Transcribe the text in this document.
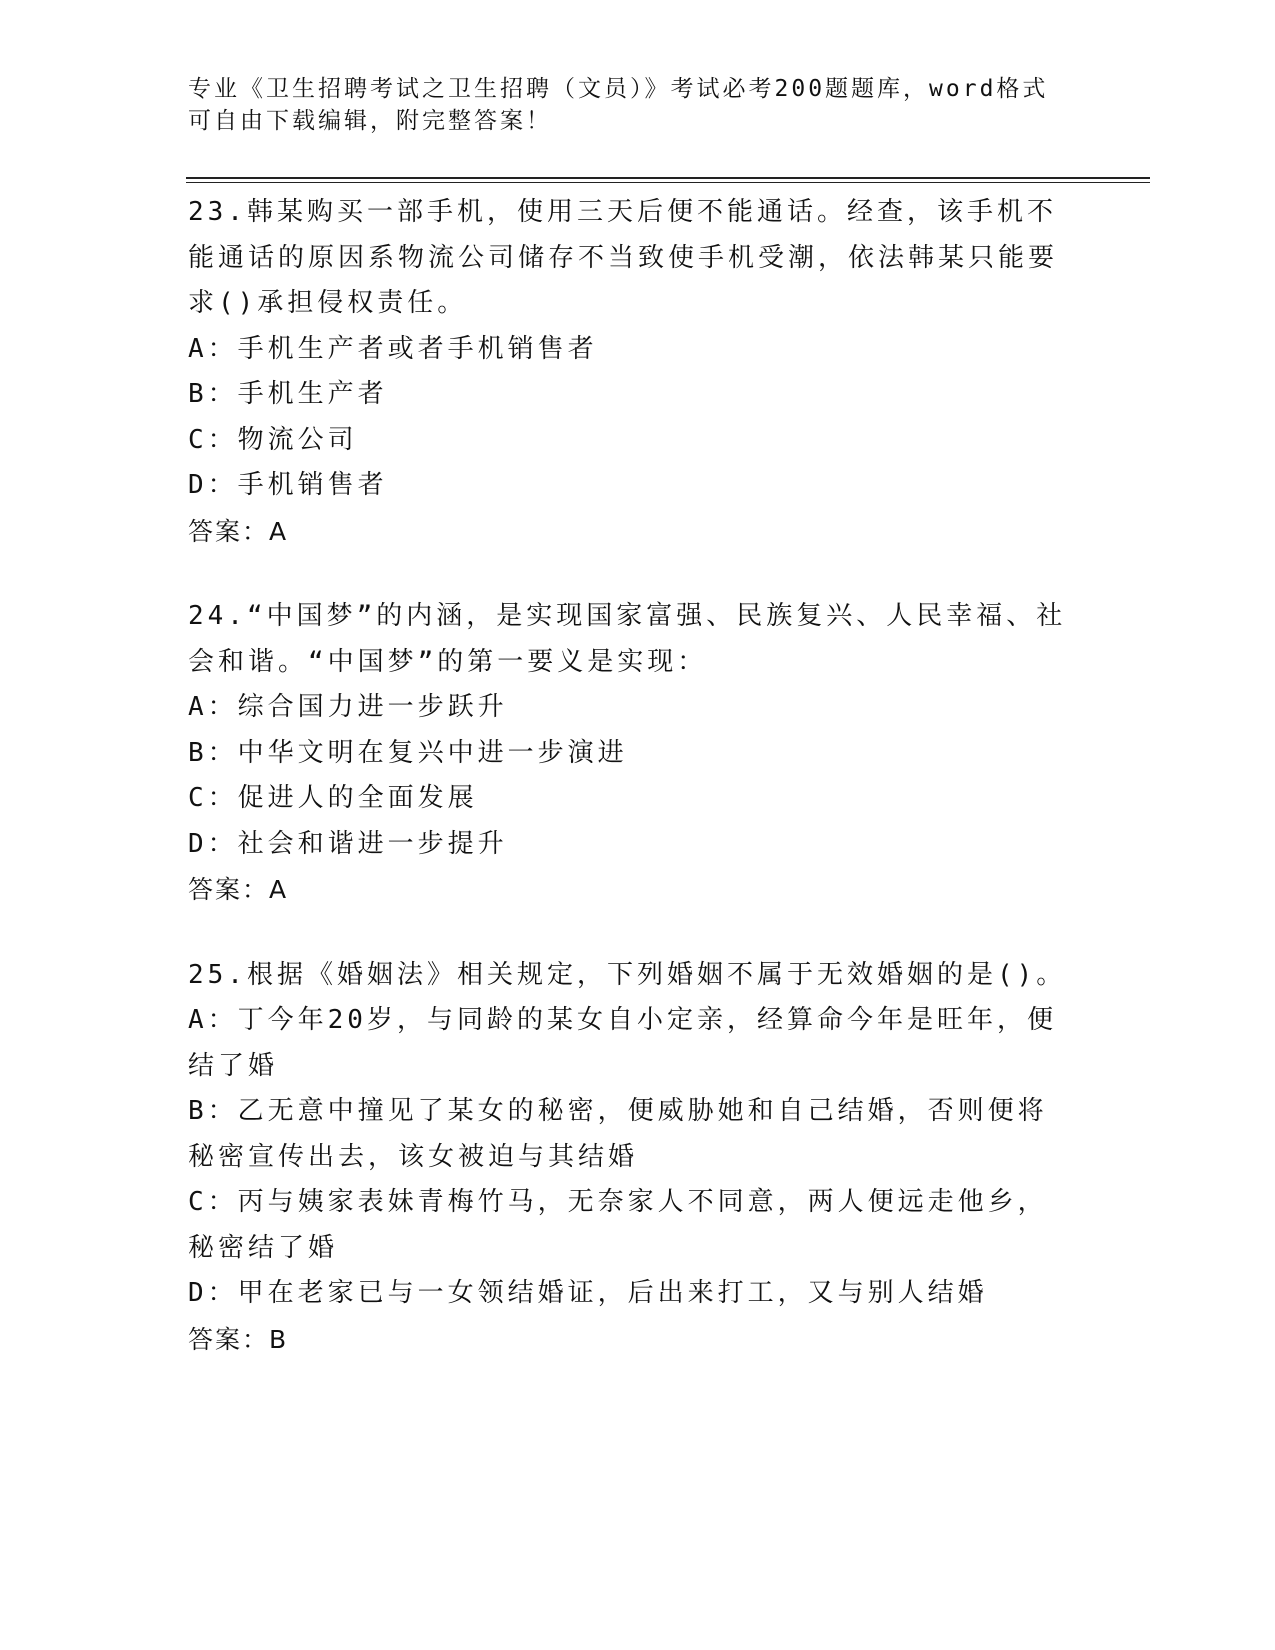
专业《卫生招聘考试之卫生招聘（文员）》考试必考200题题库，word格式可自由下载编辑，附完整答案！
23.韩某购买一部手机，使用三天后便不能通话。经查，该手机不能通话的原因系物流公司储存不当致使手机受潮，依法韩某只能要求()承担侵权责任。
A：手机生产者或者手机销售者
B：手机生产者
C：物流公司
D：手机销售者
答案：A
24.“中国梦”的内涵，是实现国家富强、民族复兴、人民幸福、社会和谐。“中国梦”的第一要义是实现：
A：综合国力进一步跃升
B：中华文明在复兴中进一步演进
C：促进人的全面发展
D：社会和谐进一步提升
答案：A
25.根据《婚姻法》相关规定，下列婚姻不属于无效婚姻的是()。
A：丁今年20岁，与同龄的某女自小定亲，经算命今年是旺年，便结了婚
B：乙无意中撞见了某女的秘密，便威胁她和自己结婚，否则便将秘密宣传出去，该女被迫与其结婚
C：丙与姨家表妹青梅竹马，无奈家人不同意，两人便远走他乡，秘密结了婚
D：甲在老家已与一女领结婚证，后出来打工，又与别人结婚
答案：B
